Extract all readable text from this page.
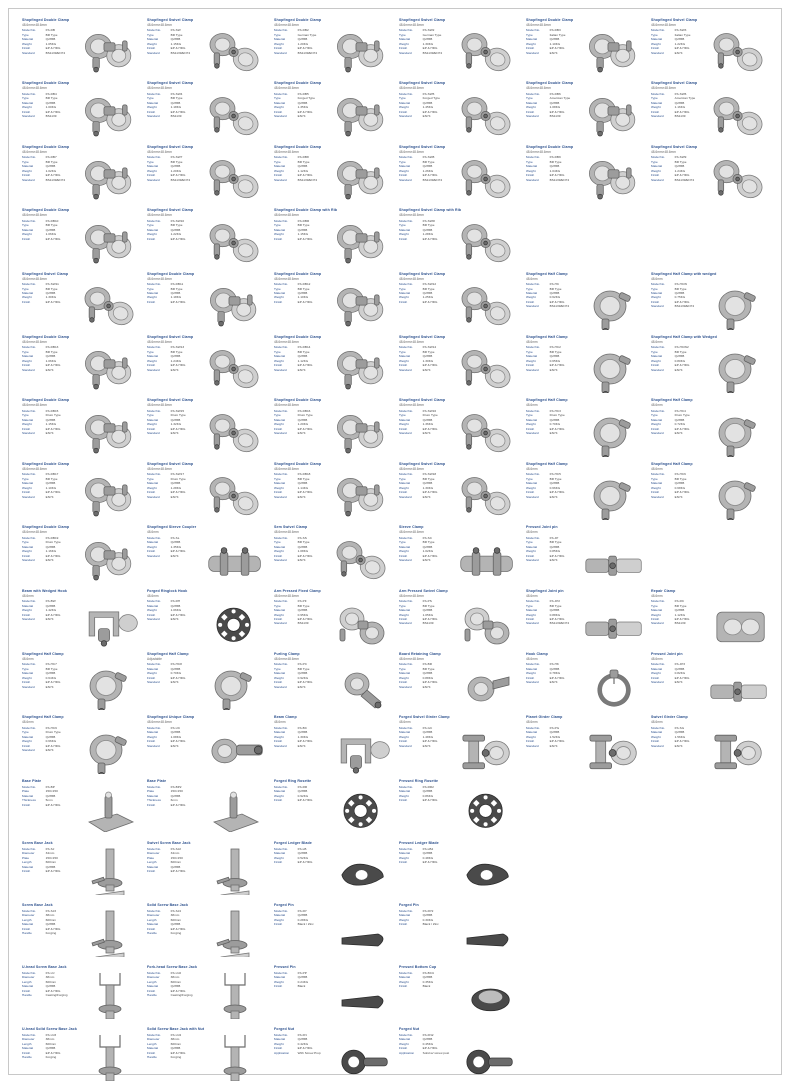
Shopfinged Double Clamp
48.6mm×48.6mm
Model No.	FS-DB
Type	BR Type
Material	Q235B
Weight	1.05KG
Finish	EP & HDG
Standard	BS1139/EN74
Shopfinged Swivel Clamp
48.6mm×48.6mm
Model No.	FS-SW
Type	BR Type
Material	Q235B
Weight	1.15KG
Finish	EP & HDG
Standard	BS1139/EN74
Shopfinged Double Clamp
48.6mm×48.6mm
Model No.	FS-DB2
Type	German Type
Material	Q235B
Weight	1.20KG
Finish	EP & HDG
Standard	BS1139/EN74
Shopfinged Swivel Clamp
48.6mm×48.6mm
Model No.	FS-SW2
Type	German Type
Material	Q235B
Weight	1.30KG
Finish	EP & HDG
Standard	BS1139/EN74
Shopfinged Double Clamp
48.6mm×48.6mm
Model No.	FS-DB3
Type	Italian Type
Material	Q235B
Weight	1.10KG
Finish	EP & HDG
Standard	EN74
Shopfinged Swivel Clamp
48.6mm×48.6mm
Model No.	FS-SW3
Type	Italian Type
Material	Q235B
Weight	1.22KG
Finish	EP & HDG
Standard	EN74
Shopfinged Double Clamp
48.6mm×48.6mm
Model No.	FS-DB4
Type	BR Type
Material	Q235B
Weight	1.00KG
Finish	EP & HDG
Standard	BS1139
Shopfinged Swivel Clamp
48.6mm×48.6mm
Model No.	FS-SW4
Type	BR Type
Material	Q235B
Weight	1.18KG
Finish	EP & HDG
Standard	BS1139
Shopfinged Double Clamp
48.6mm×48.6mm
Model No.	FS-DB5
Type	Forged Type
Material	Q235B
Weight	1.35KG
Finish	EP & HDG
Standard	EN74
Shopfinged Swivel Clamp
48.6mm×48.6mm
Model No.	FS-SW5
Type	Forged Type
Material	Q235B
Weight	1.45KG
Finish	EP & HDG
Standard	EN74
Shopfinged Double Clamp
48.6mm×48.6mm
Model No.	FS-DB6
Type	American Type
Material	Q235B
Weight	1.08KG
Finish	EP & HDG
Standard	BS1139
Shopfinged Swivel Clamp
48.6mm×48.6mm
Model No.	FS-SW6
Type	American Type
Material	Q235B
Weight	1.16KG
Finish	EP & HDG
Standard	BS1139
Shopfinged Double Clamp
48.6mm×48.6mm
Model No.	FS-DB7
Type	BR Type
Material	Q235B
Weight	1.02KG
Finish	EP & HDG
Standard	BS1139/EN74
Shopfinged Swivel Clamp
48.6mm×48.6mm
Model No.	FS-SW7
Type	BR Type
Material	Q235B
Weight	1.20KG
Finish	EP & HDG
Standard	BS1139/EN74
Shopfinged Double Clamp
48.6mm×48.6mm
Model No.	FS-DB8
Type	BR Type
Material	Q235B
Weight	1.12KG
Finish	EP & HDG
Standard	BS1139/EN74
Shopfinged Swivel Clamp
48.6mm×48.6mm
Model No.	FS-SW8
Type	BR Type
Material	Q235B
Weight	1.26KG
Finish	EP & HDG
Standard	BS1139/EN74
Shopfinged Double Clamp
48.6mm×48.6mm
Model No.	FS-DB9
Type	BR Type
Material	Q235B
Weight	1.04KG
Finish	EP & HDG
Standard	BS1139/EN74
Shopfinged Swivel Clamp
48.6mm×48.6mm
Model No.	FS-SW9
Type	BR Type
Material	Q235B
Weight	1.24KG
Finish	EP & HDG
Standard	BS1139/EN74
Shopfinged Double Clamp
48.6mm×48.6mm
Model No.	FS-DB10
Type	BR Type
Material	Q235B
Weight	1.06KG
Finish	EP & HDG
Shopfinged Swivel Clamp
48.6mm×48.6mm
Model No.	FS-SW10
Type	BR Type
Material	Q235B
Weight	1.22KG
Finish	EP & HDG
Shopfinged Double Clamp with Rib
48.6mm×48.6mm
Model No.	FS-DBR
Type	BR Type
Material	Q235B
Weight	1.15KG
Finish	EP & HDG
Shopfinged Swivel Clamp with Rib
48.6mm×48.6mm
Model No.	FS-SWR
Type	BR Type
Material	Q235B
Weight	1.28KG
Finish	EP & HDG
Shopfinged Swivel Clamp
48.6mm×48.6mm
Model No.	FS-SW11
Type	BR Type
Material	Q235B
Weight	1.30KG
Finish	EP & HDG
Shopfinged Double Clamp
48.6mm×48.6mm
Model No.	FS-DB11
Type	BR Type
Material	Q235B
Weight	1.18KG
Finish	EP & HDG
Shopfinged Double Clamp
48.6mm×48.6mm
Model No.	FS-DB12
Type	BR Type
Material	Q235B
Weight	1.10KG
Finish	EP & HDG
Shopfinged Swivel Clamp
48.6mm×48.6mm
Model No.	FS-SW12
Type	BR Type
Material	Q235B
Weight	1.25KG
Finish	EP & HDG
Shopfinged Half Clamp
48.6mm
Model No.	FS-HC
Type	BR Type
Material	Q235B
Weight	0.62KG
Finish	EP & HDG
Standard	BS1139/EN74
Shopfinged Half Clamp with wedged
48.6mm
Model No.	FS-HCW
Type	BR Type
Material	Q235B
Weight	0.75KG
Finish	EP & HDG
Standard	BS1139/EN74
Shopfinged Double Clamp
48.6mm×48.6mm
Model No.	FS-DB13
Type	BR Type
Material	Q235B
Weight	1.06KG
Finish	EP & HDG
Standard	EN74
Shopfinged Swivel Clamp
48.6mm×48.6mm
Model No.	FS-SW13
Type	BR Type
Material	Q235B
Weight	1.24KG
Finish	EP & HDG
Standard	EN74
Shopfinged Double Clamp
48.6mm×48.6mm
Model No.	FS-DB14
Type	BR Type
Material	Q235B
Weight	1.12KG
Finish	EP & HDG
Standard	EN74
Shopfinged Swivel Clamp
48.6mm×48.6mm
Model No.	FS-SW14
Type	BR Type
Material	Q235B
Weight	1.30KG
Finish	EP & HDG
Standard	EN74
Shopfinged Half Clamp
48.6mm
Model No.	FS-HC2
Type	BR Type
Material	Q235B
Weight	0.65KG
Finish	EP & HDG
Standard	EN74
Shopfinged Half Clamp with Wedged
48.6mm
Model No.	FS-HCW2
Type	BR Type
Material	Q235B
Weight	0.80KG
Finish	EP & HDG
Standard	EN74
Shopfinged Double Clamp
48.6mm×48.6mm
Model No.	FS-DB15
Type	Drum Type
Material	Q235B
Weight	1.15KG
Finish	EP & HDG
Standard	EN74
Shopfinged Swivel Clamp
48.6mm×48.6mm
Model No.	FS-SW15
Type	Drum Type
Material	Q235B
Weight	1.32KG
Finish	EP & HDG
Standard	EN74
Shopfinged Double Clamp
48.6mm×48.6mm
Model No.	FS-DB16
Type	Drum Type
Material	Q235B
Weight	1.20KG
Finish	EP & HDG
Standard	EN74
Shopfinged Swivel Clamp
48.6mm×48.6mm
Model No.	FS-SW16
Type	Drum Type
Material	Q235B
Weight	1.36KG
Finish	EP & HDG
Standard	EN74
Shopfinged Half Clamp
48.6mm
Model No.	FS-HC3
Type	Drum Type
Material	Q235B
Weight	0.70KG
Finish	EP & HDG
Standard	EN74
Shopfinged Half Clamp
48.6mm
Model No.	FS-HC4
Type	Drum Type
Material	Q235B
Weight	0.72KG
Finish	EP & HDG
Standard	EN74
Shopfinged Double Clamp
48.6mm×48.6mm
Model No.	FS-DB17
Type	BR Type
Material	Q235B
Weight	1.10KG
Finish	EP & HDG
Standard	EN74
Shopfinged Swivel Clamp
48.6mm×48.6mm
Model No.	FS-SW17
Type	Drum Type
Material	Q235B
Weight	1.28KG
Finish	EP & HDG
Standard	EN74
Shopfinged Double Clamp
48.6mm×48.6mm
Model No.	FS-DB18
Type	BR Type
Material	Q235B
Weight	1.14KG
Finish	EP & HDG
Standard	EN74
Shopfinged Swivel Clamp
48.6mm×48.6mm
Model No.	FS-SW18
Type	BR Type
Material	Q235B
Weight	1.30KG
Finish	EP & HDG
Standard	EN74
Shopfinged Half Clamp
48.6mm
Model No.	FS-HC5
Type	BR Type
Material	Q235B
Weight	0.66KG
Finish	EP & HDG
Standard	EN74
Shopfinged Half Clamp
48.6mm
Model No.	FS-HC6
Type	BR Type
Material	Q235B
Weight	0.68KG
Finish	EP & HDG
Standard	EN74
Shopfinged Double Clamp
48.6mm×48.6mm
Model No.	FS-DB19
Type	Drum Type
Material	Q235B
Weight	1.16KG
Finish	EP & HDG
Standard	EN74
Shopfinged Sleeve Coupler
48.6mm
Model No.	FS-SL
Material	Q235B
Weight	1.35KG
Finish	EP & HDG
Standard	EN74
Sem Swivel Clamp
48.6mm×48.6mm
Model No.	FS-SS
Type	BR Type
Material	Q235B
Weight	1.08KG
Finish	EP & HDG
Standard	EN74
Sleeve Clamp
48.6mm×48.6mm
Model No.	FS-SC
Type	BR Type
Material	Q235B
Weight	1.02KG
Finish	EP & HDG
Standard	EN74
Pressed Joint pin
48.6mm
Model No.	FS-JP
Type	BR Type
Material	Q235B
Weight	0.85KG
Finish	EP & HDG
Standard	EN74
Beam with Wedged Hook
48.6mm
Model No.	FS-BW
Material	Q235B
Weight	1.42KG
Finish	EP & HDG
Standard	EN74
Forged Ringlock Hook
48.6mm
Model No.	FS-RH
Material	Q235B
Weight	1.06KG
Finish	EP & HDG
Standard	EN74
Arm Pressed Fixed Clamp
48.6mm×48.6mm
Model No.	FS-PF
Type	BR Type
Material	Q235B
Weight	0.95KG
Finish	EP & HDG
Standard	BS1139
Arm Pressed Swivel Clamp
48.6mm×48.6mm
Model No.	FS-PS
Type	BR Type
Material	Q235B
Weight	1.05KG
Finish	EP & HDG
Standard	BS1139
Shopfinged Joint pin
48.6mm
Model No.	FS-JP2
Type	BR Type
Material	Q235B
Weight	0.88KG
Finish	EP & HDG
Standard	BS1139/EN74
Repair Clamp
48.6mm
Model No.	FS-RC
Type	BR Type
Material	Q235B
Weight	1.12KG
Finish	EP & HDG
Standard	BS1139
Shopfinged Half Clamp
48.6mm
Model No.	FS-HC7
Type	BR Type
Material	Q235B
Weight	0.64KG
Finish	EP & HDG
Standard	EN74
Shopfinged Half Clamp
Adjustable
Model No.	FS-HC8
Material	Q235B
Weight	0.70KG
Finish	EP & HDG
Standard	EN74
Purling Clamp
48.6mm×48.6mm
Model No.	FS-PC
Type	BR Type
Material	Q235B
Weight	0.92KG
Finish	EP & HDG
Standard	EN74
Board Retaining Clamp
48.6mm×48.6mm
Model No.	FS-BR
Type	BR Type
Material	Q235B
Weight	0.88KG
Finish	EP & HDG
Standard	EN74
Hook Clamp
48.6mm
Model No.	FS-HK
Material	Q235B
Weight	0.78KG
Finish	EP & HDG
Standard	EN74
Pressed Joint pin
48.6mm
Model No.	FS-JP3
Material	Q235B
Weight	0.82KG
Finish	EP & HDG
Standard	EN74
Shopfinged Half Clamp
48.6mm
Model No.	FS-HC9
Type	Drum Type
Material	Q235B
Weight	0.66KG
Finish	EP & HDG
Standard	EN74
Shopfinged Unique Clamp
48.6mm×48.6mm
Model No.	FS-UC
Material	Q235B
Weight	1.08KG
Finish	EP & HDG
Standard	EN74
Beam Clamp
48.6mm
Model No.	FS-BC
Material	Q235B
Weight	1.30KG
Finish	EP & HDG
Standard	EN74
Forged Swivel Girder Clamp
48.6mm
Model No.	FS-GC
Material	Q235B
Weight	1.48KG
Finish	EP & HDG
Standard	EN74
Planet Girder Clamp
48.6mm
Model No.	FS-PG
Material	Q235B
Weight	1.52KG
Finish	EP & HDG
Standard	EN74
Swivel Girder Clamp
48.6mm
Model No.	FS-SG
Material	Q235B
Weight	1.56KG
Finish	EP & HDG
Standard	EN74
Base Plate
Model No.	FS-BP
Plate	150×150
Material	Q235B
Thickness	5mm
Finish	EP & HDG
Base Plate
Model No.	FS-BP2
Plate	150×150
Material	Q235B
Thickness	6mm
Finish	EP & HDG
Forged Ring Rosette
Model No.	FS-RR
Material	Q235B
Weight	0.92KG
Finish	EP & HDG
Pressed Ring Rosette
Model No.	FS-RR2
Material	Q235B
Weight	0.86KG
Finish	EP & HDG
Screw Base Jack
Model No.	FS-SJ
Diameter	34mm
Plate	150×150
Length	600mm
Material	Q235B
Finish	EP & HDG
Swivel Screw Base Jack
Model No.	FS-SJ2
Diameter	34mm
Plate	150×150
Length	600mm
Material	Q235B
Finish	EP & HDG
Forged Ledger Blade
Model No.	FS-LB
Material	Q235B
Weight	0.52KG
Finish	EP & HDG
Pressed Ledger Blade
Model No.	FS-LB2
Material	Q235B
Weight	0.48KG
Finish	EP & HDG
Screw Base Jack
Model No.	FS-SJ3
Diameter	38mm
Length	600mm
Material	Q235B
Finish	EP & HDG
Handle	Forging
Solid Screw Base Jack
Model No.	FS-SJ4
Diameter	38mm
Length	600mm
Material	Q235B
Finish	EP & HDG
Handle	Forging
Forged Pin
Model No.	FS-FP
Material	Q235B
Weight	0.28KG
Finish	Black / Zinc
Forged Pin
Model No.	FS-FP2
Material	Q235B
Weight	0.30KG
Finish	Black / Zinc
U-head Screw Base Jack
Model No.	FS-UJ
Diameter	38mm
Length	600mm
Material	Q235B
Finish	EP & HDG
Handle	Casting/Forging
Fork-head Screw Base Jack
Model No.	FS-UJ2
Diameter	38mm
Length	600mm
Material	Q235B
Finish	EP & HDG
Handle	Casting/Forging
Pressed Pin
Model No.	FS-PP
Material	Q235B
Weight	0.24KG
Finish	Black
Pressed Bottom Cup
Model No.	FS-BCU
Material	Q235B
Weight	0.35KG
Finish	Black
U-head Solid Screw Base Jack
Model No.	FS-UJ3
Diameter	38mm
Length	600mm
Material	Q235B
Finish	EP & HDG
Handle	Forging
Solid Screw Base Jack with Nut
Model No.	FS-UJ4
Diameter	38mm
Length	600mm
Material	Q235B
Finish	EP & HDG
Handle	Forging
Forged Nut
Model No.	FS-FN
Material	Q235B
Weight	0.42KG
Finish	EP & HDG
Application	With Screw Prop
Forged Nut
Model No.	FS-FN2
Material	Q235B
Weight	0.45KG
Finish	EP & HDG
Application	Solid w/ screw post
